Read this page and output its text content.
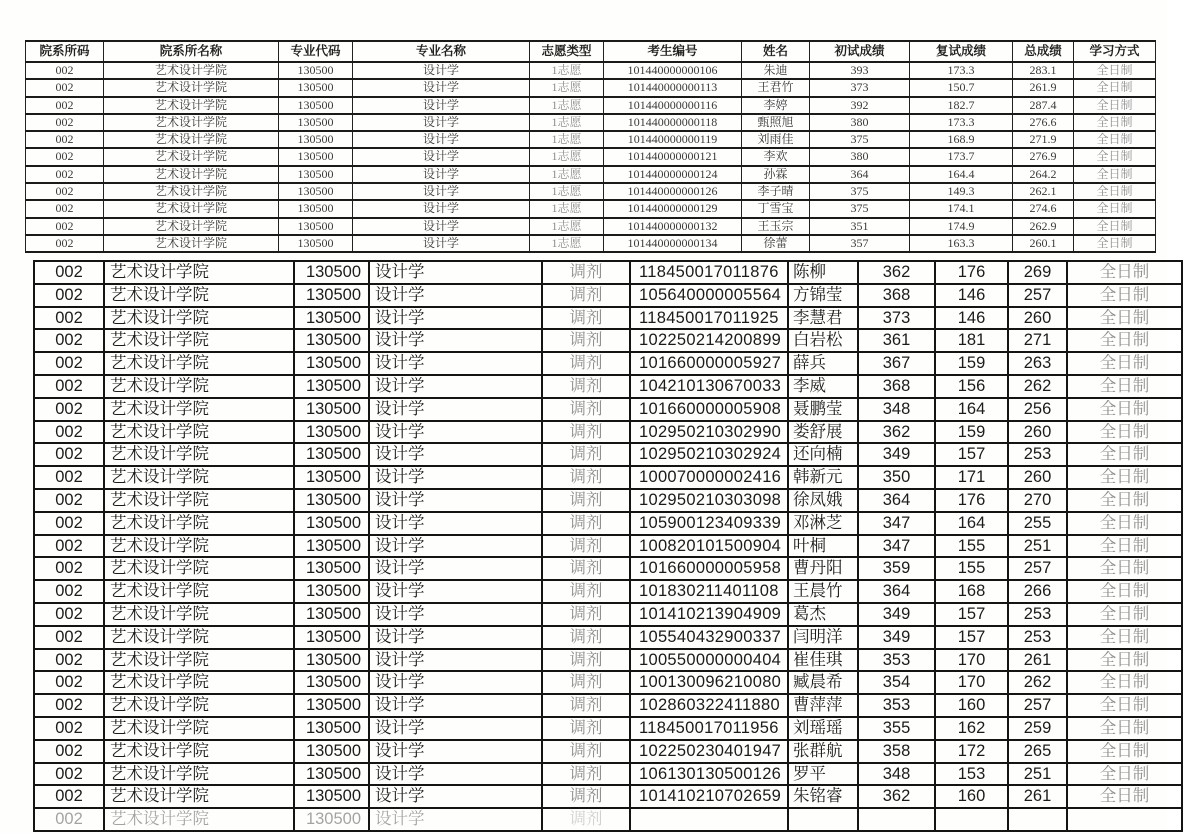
院系所码	院系所名称	专业代码	专业名称	志愿类型	考生编号	姓名	初试成绩	复试成绩	总成绩	学习方式
002	艺术设计学院	130500	设计学	1志愿	101440000000106	朱迪	393	173.3	283.1	全日制
002	艺术设计学院	130500	设计学	1志愿	101440000000113	王君竹	373	150.7	261.9	全日制
002	艺术设计学院	130500	设计学	1志愿	101440000000116	李婷	392	182.7	287.4	全日制
002	艺术设计学院	130500	设计学	1志愿	101440000000118	甄照旭	380	173.3	276.6	全日制
002	艺术设计学院	130500	设计学	1志愿	101440000000119	刘雨佳	375	168.9	271.9	全日制
002	艺术设计学院	130500	设计学	1志愿	101440000000121	李欢	380	173.7	276.9	全日制
002	艺术设计学院	130500	设计学	1志愿	101440000000124	孙霖	364	164.4	264.2	全日制
002	艺术设计学院	130500	设计学	1志愿	101440000000126	李子晴	375	149.3	262.1	全日制
002	艺术设计学院	130500	设计学	1志愿	101440000000129	丁雪宝	375	174.1	274.6	全日制
002	艺术设计学院	130500	设计学	1志愿	101440000000132	王玉宗	351	174.9	262.9	全日制
002	艺术设计学院	130500	设计学	1志愿	101440000000134	徐蕾	357	163.3	260.1	全日制
002	艺术设计学院	130500	设计学	调剂	118450017011876	陈柳	362	176	269	全日制
002	艺术设计学院	130500	设计学	调剂	105640000005564	方锦莹	368	146	257	全日制
002	艺术设计学院	130500	设计学	调剂	118450017011925	李慧君	373	146	260	全日制
002	艺术设计学院	130500	设计学	调剂	102250214200899	白岩松	361	181	271	全日制
002	艺术设计学院	130500	设计学	调剂	101660000005927	薛兵	367	159	263	全日制
002	艺术设计学院	130500	设计学	调剂	104210130670033	李威	368	156	262	全日制
002	艺术设计学院	130500	设计学	调剂	101660000005908	聂鹏莹	348	164	256	全日制
002	艺术设计学院	130500	设计学	调剂	102950210302990	娄舒展	362	159	260	全日制
002	艺术设计学院	130500	设计学	调剂	102950210302924	还向楠	349	157	253	全日制
002	艺术设计学院	130500	设计学	调剂	100070000002416	韩新元	350	171	260	全日制
002	艺术设计学院	130500	设计学	调剂	102950210303098	徐凤娥	364	176	270	全日制
002	艺术设计学院	130500	设计学	调剂	105900123409339	邓淋芝	347	164	255	全日制
002	艺术设计学院	130500	设计学	调剂	100820101500904	叶桐	347	155	251	全日制
002	艺术设计学院	130500	设计学	调剂	101660000005958	曹丹阳	359	155	257	全日制
002	艺术设计学院	130500	设计学	调剂	101830211401108	王晨竹	364	168	266	全日制
002	艺术设计学院	130500	设计学	调剂	101410213904909	葛杰	349	157	253	全日制
002	艺术设计学院	130500	设计学	调剂	105540432900337	闫明洋	349	157	253	全日制
002	艺术设计学院	130500	设计学	调剂	100550000000404	崔佳琪	353	170	261	全日制
002	艺术设计学院	130500	设计学	调剂	100130096210080	臧晨希	354	170	262	全日制
002	艺术设计学院	130500	设计学	调剂	102860322411880	曹萍萍	353	160	257	全日制
002	艺术设计学院	130500	设计学	调剂	118450017011956	刘瑶瑶	355	162	259	全日制
002	艺术设计学院	130500	设计学	调剂	102250230401947	张群航	358	172	265	全日制
002	艺术设计学院	130500	设计学	调剂	106130130500126	罗平	348	153	251	全日制
002	艺术设计学院	130500	设计学	调剂	101410210702659	朱铭睿	362	160	261	全日制
002	艺术设计学院	130500	设计学	调剂						
